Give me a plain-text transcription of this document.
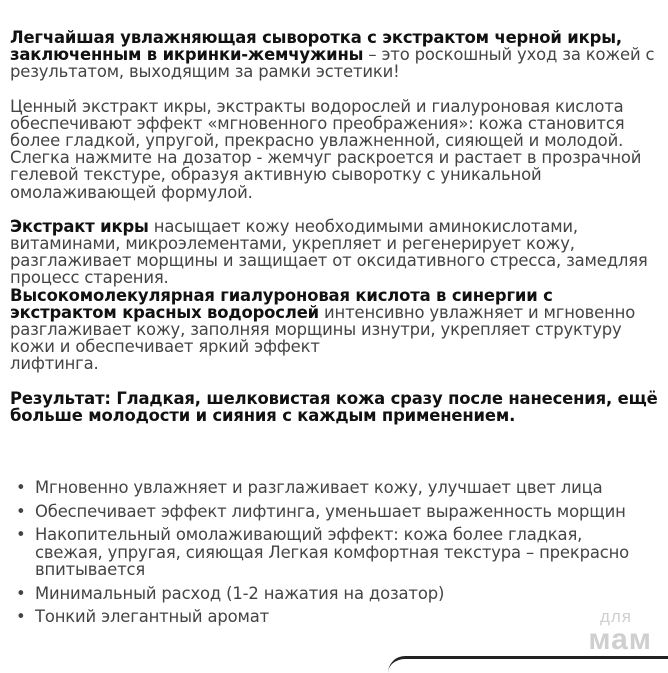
Легчайшая увлажняющая сыворотка с экстрактом черной икры, заключенным в икринки-жемчужины – это роскошный уход за кожей с результатом, выходящим за рамки эстетики!

Ценный экстракт икры, экстракты водорослей и гиалуроновая кислота обеспечивают эффект «мгновенного преображения»: кожа становится более гладкой, упругой, прекрасно увлажненной, сияющей и молодой.
Слегка нажмите на дозатор - жемчуг раскроется и растает в прозрачной гелевой текстуре, образуя активную сыворотку с уникальной омолаживающей формулой.

Экстракт икры насыщает кожу необходимыми аминокислотами, витаминами, микроэлементами, укрепляет и регенерирует кожу, разглаживает морщины и защищает от оксидативного стресса, замедляя процесс старения.
Высокомолекулярная гиалуроновая кислота в синергии с экстрактом красных водорослей интенсивно увлажняет и мгновенно разглаживает кожу, заполняя морщины изнутри, укрепляет структуру кожи и обеспечивает яркий эффект
лифтинга.

Результат: Гладкая, шелковистая кожа сразу после нанесения, ещё больше молодости и сияния с каждым применением.

• Мгновенно увлажняет и разглаживает кожу, улучшает цвет лица
• Обеспечивает эффект лифтинга, уменьшает выраженность морщин
• Накопительный омолаживающий эффект: кожа более гладкая, свежая, упругая, сияющая Легкая комфортная текстура – прекрасно впитывается
• Минимальный расход (1-2 нажатия на дозатор)
• Тонкий элегантный аромат	для
мам
